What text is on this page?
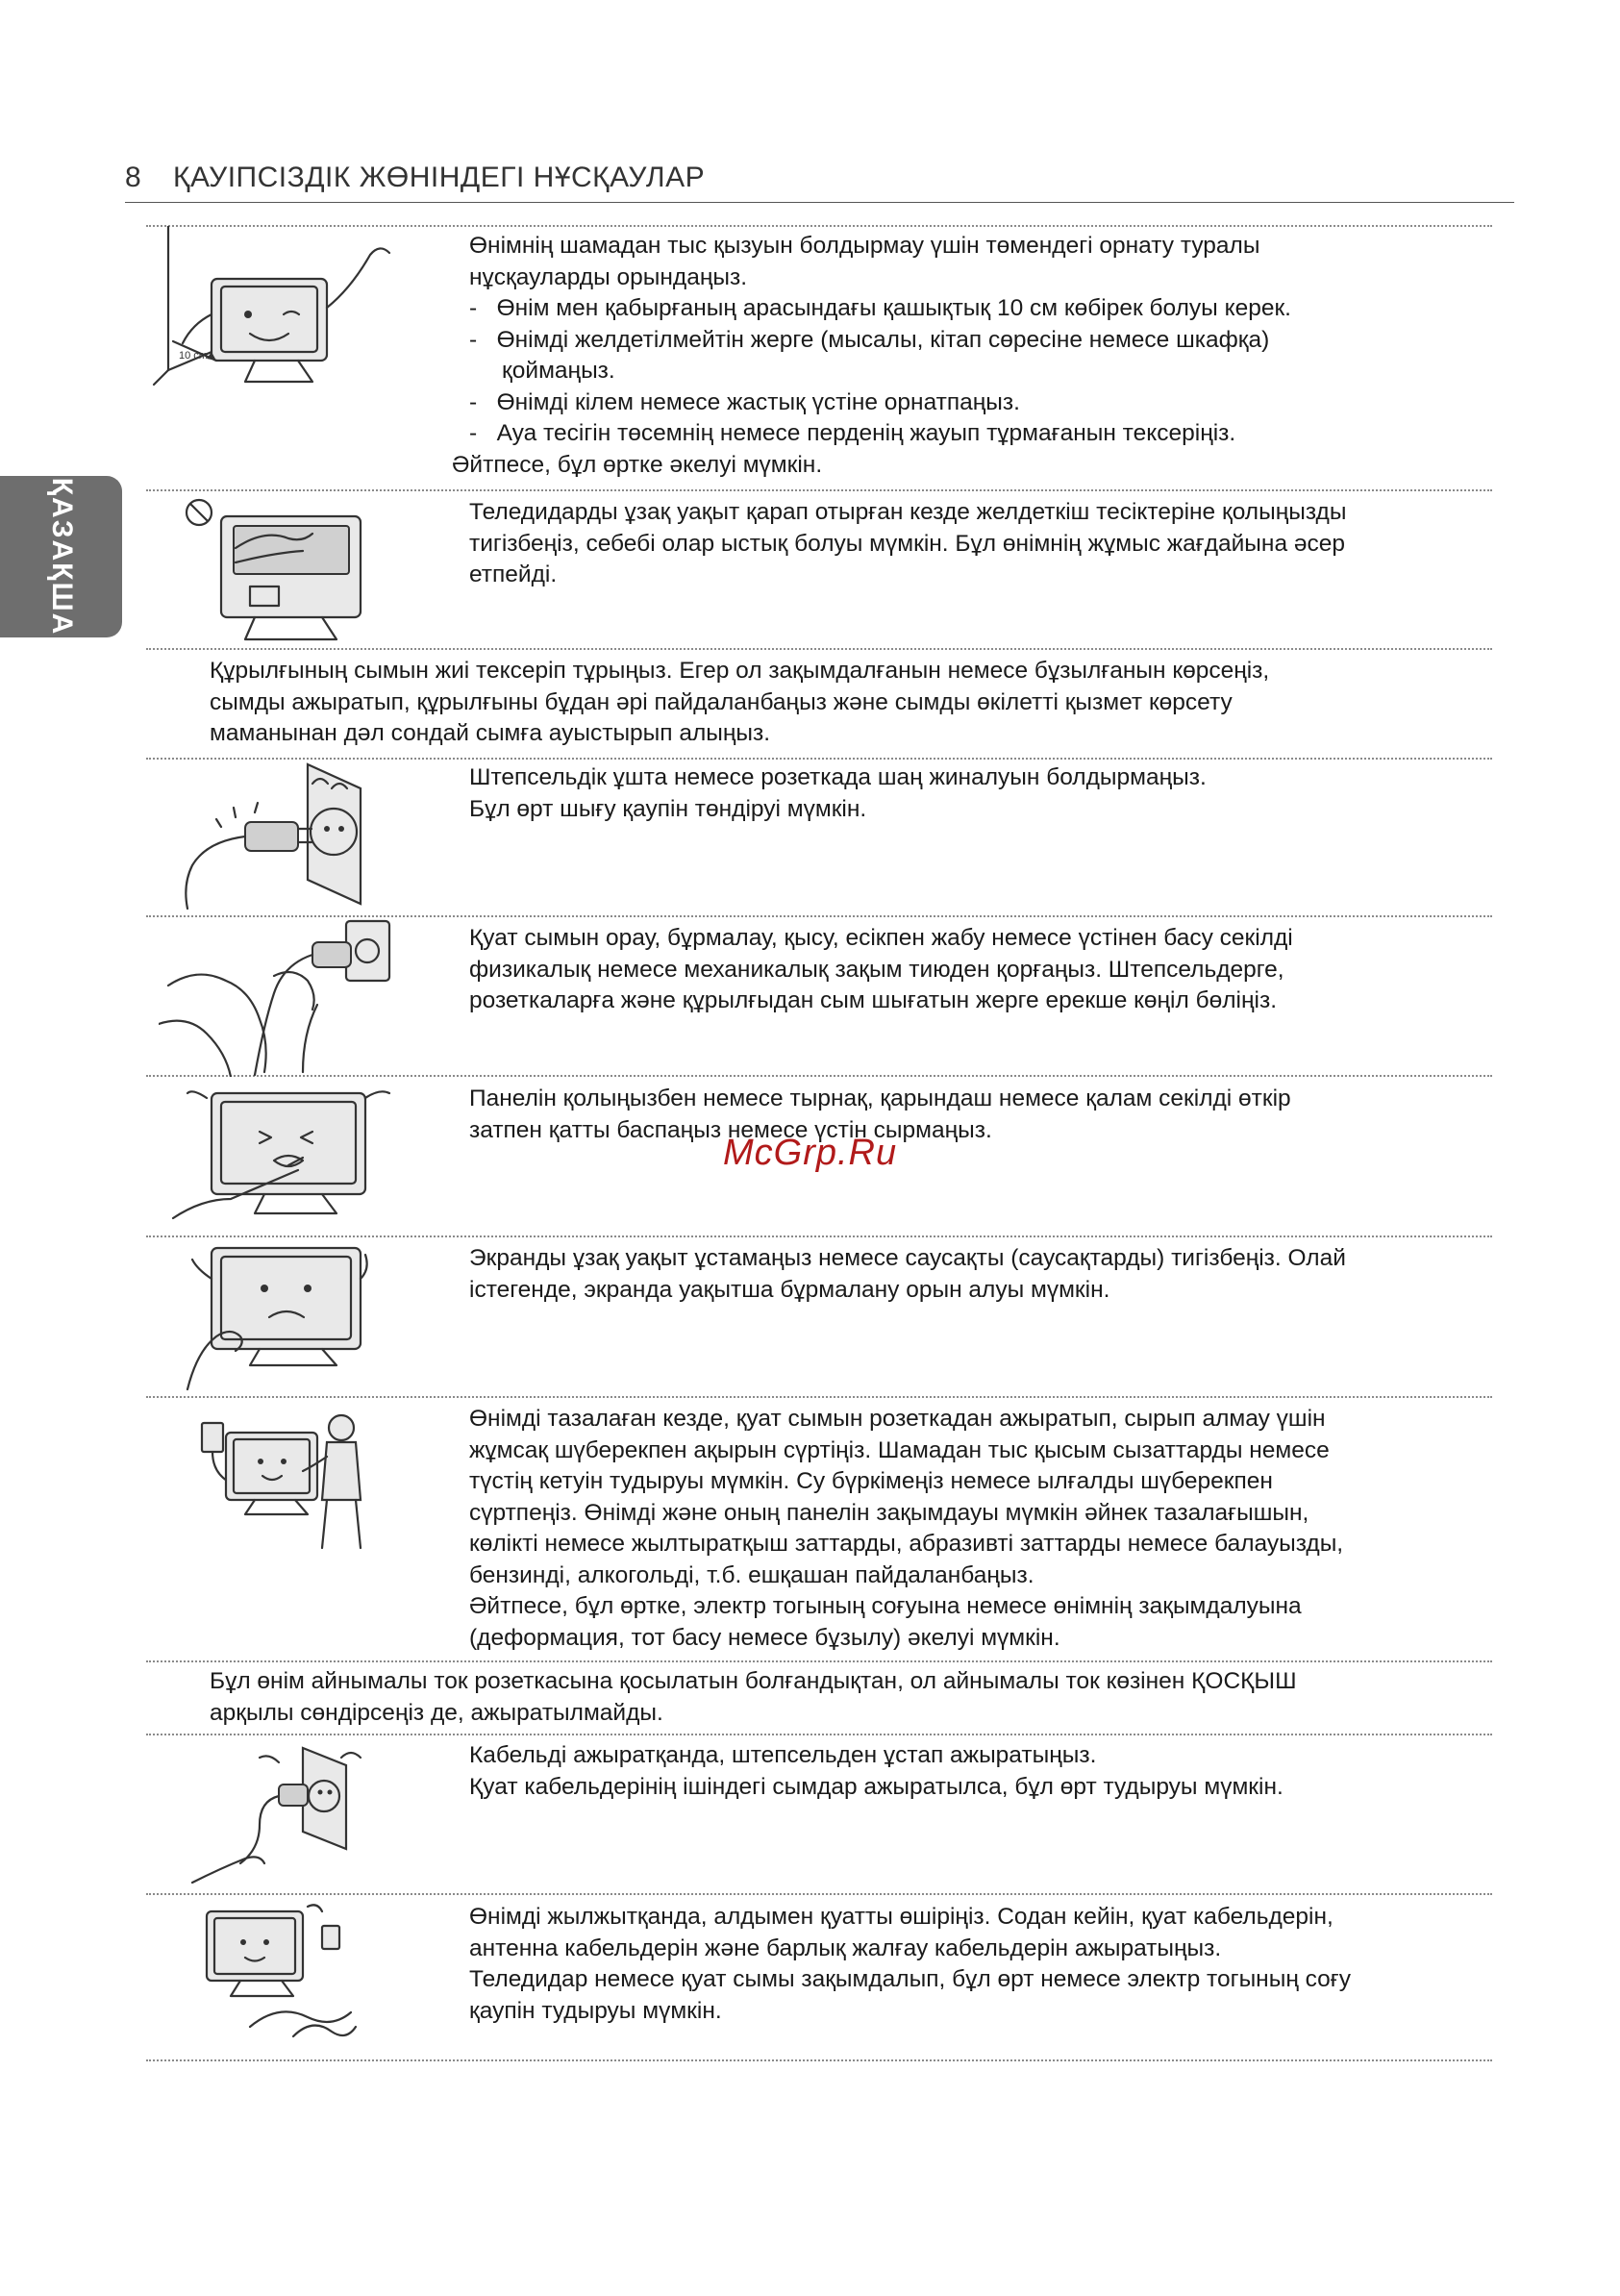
8 ҚАУІПСІЗДІК ЖӨНІНДЕГІ НҰСҚАУЛАР
ҚАЗАҚША
10 cm
Өнімнің шамадан тыс қызуын болдырмау үшін төмендегі орнату туралы
нұсқауларды орындаңыз.
-   Өнім мен қабырғаның арасындағы қашықтық 10 см көбірек болуы керек.
-   Өнімді желдетілмейтін жерге (мысалы, кітап сөресіне немесе шкафқа)
қоймаңыз.
-   Өнімді кілем немесе жастық үстіне орнатпаңыз.
-   Ауа тесігін төсемнің немесе перденің жауып тұрмағанын тексеріңіз.
Әйтпесе, бұл өртке әкелуі мүмкін.
Теледидарды ұзақ уақыт қарап отырған кезде желдеткіш тесіктеріне қолыңызды
тигізбеңіз, себебі олар ыстық болуы мүмкін. Бұл өнімнің жұмыс жағдайына әсер
етпейді.
Құрылғының сымын жиі тексеріп тұрыңыз. Егер ол зақымдалғанын немесе бұзылғанын көрсеңіз,
сымды ажыратып, құрылғыны бұдан әрі пайдаланбаңыз және сымды өкілетті қызмет көрсету
маманынан дәл сондай сымға ауыстырып алыңыз.
Штепсельдік ұшта немесе розеткада шаң жиналуын болдырмаңыз.
Бұл өрт шығу қаупін төндіруі мүмкін.
Қуат сымын орау, бұрмалау, қысу, есікпен жабу немесе үстінен басу секілді
физикалық немесе механикалық зақым тиюден қорғаңыз. Штепсельдерге,
розеткаларға және құрылғыдан сым шығатын жерге ерекше көңіл бөліңіз.
Панелін қолыңызбен немесе тырнақ, қарындаш немесе қалам секілді өткір
затпен қатты баспаңыз немесе үстін сырмаңыз.
McGrp.Ru
Экранды ұзақ уақыт ұстамаңыз немесе саусақты (саусақтарды) тигізбеңіз. Олай
істегенде, экранда уақытша бұрмалану орын алуы мүмкін.
Өнімді тазалаған кезде, қуат сымын розеткадан ажыратып, сырып алмау үшін
жұмсақ шүберекпен ақырын сүртіңіз. Шамадан тыс қысым сызаттарды немесе
түстің кетуін тудыруы мүмкін. Су бүркімеңіз немесе ылғалды шүберекпен
сүртпеңіз. Өнімді және оның панелін зақымдауы мүмкін әйнек тазалағышын,
көлікті немесе жылтыратқыш заттарды, абразивті заттарды немесе балауызды,
бензинді, алкогольді, т.б. ешқашан пайдаланбаңыз.
Әйтпесе, бұл өртке, электр тогының соғуына немесе өнімнің зақымдалуына
(деформация, тот басу немесе бұзылу) әкелуі мүмкін.
Бұл өнім айнымалы ток розеткасына қосылатын болғандықтан, ол айнымалы ток көзінен ҚОСҚЫШ
арқылы сөндірсеңіз де, ажыратылмайды.
Кабельді ажыратқанда, штепсельден ұстап ажыратыңыз.
Қуат кабельдерінің ішіндегі сымдар ажыратылса, бұл өрт тудыруы мүмкін.
Өнімді жылжытқанда, алдымен қуатты өшіріңіз. Содан кейін, қуат кабельдерін,
антенна кабельдерін және барлық жалғау кабельдерін ажыратыңыз.
Теледидар немесе қуат сымы зақымдалып, бұл өрт немесе электр тогының соғу
қаупін тудыруы мүмкін.
